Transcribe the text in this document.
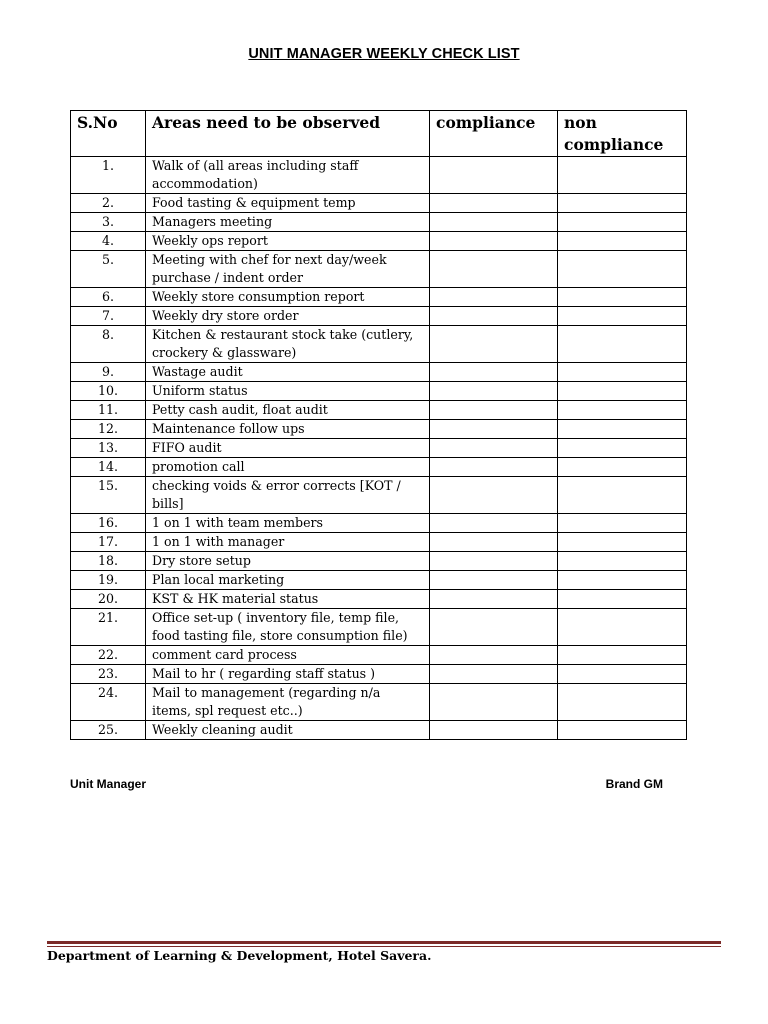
UNIT MANAGER WEEKLY CHECK LIST
S.No	Areas need to be observed	compliance	non compliance
1.	Walk of (all areas including staff accommodation)		
2.	Food tasting & equipment temp		
3.	Managers meeting		
4.	Weekly ops report		
5.	Meeting with chef for next day/week purchase / indent order		
6.	Weekly store consumption report		
7.	Weekly dry store order		
8.	Kitchen & restaurant stock take (cutlery, crockery & glassware)		
9.	Wastage audit		
10.	Uniform status		
11.	Petty cash audit, float audit		
12.	Maintenance follow ups		
13.	FIFO audit		
14.	promotion call		
15.	checking voids & error corrects [KOT / bills]		
16.	1 on 1 with team members		
17.	1 on 1 with manager		
18.	Dry store setup		
19.	Plan local marketing		
20.	KST & HK material status		
21.	Office set-up ( inventory file, temp file, food tasting file, store consumption file)		
22.	comment card process		
23.	Mail to hr ( regarding staff status )		
24.	Mail to management (regarding n/a items, spl request etc..)		
25.	Weekly cleaning audit		
Unit Manager	Brand GM
Department of Learning & Development, Hotel Savera.
